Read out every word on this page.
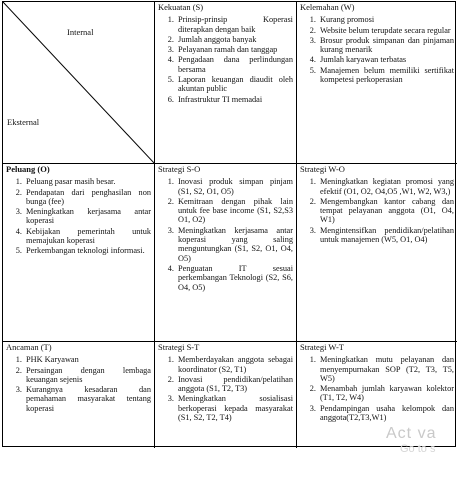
Internal
Eksternal
Kekuatan (S)
1. Prinsip-prinsip Koperasi diterapkan dengan baik
2. Jumlah anggota banyak
3. Pelayanan ramah dan tanggap
4. Pengadaan dana perlindungan bersama
5. Laporan keuangan diaudit oleh akuntan public
6. Infrastruktur TI memadai
Kelemahan (W)
1. Kurang promosi
2. Website belum terupdate secara regular
3. Brosur produk simpanan dan pinjaman kurang menarik
4. Jumlah karyawan terbatas
5. Manajemen belum memiliki sertifikat kompetesi perkoperasian
Peluang (O)
1. Peluang pasar masih besar.
2. Pendapatan dari penghasilan non bunga (fee)
3. Meningkatkan kerjasama antar koperasi
4. Kebijakan pemerintah untuk memajukan koperasi
5. Perkembangan teknologi informasi.
Strategi S-O
1. Inovasi produk simpan pinjam (S1, S2, O1, O5)
2. Kemitraan dengan pihak lain untuk fee base income (S1, S2,S3 O1, O2)
3. Meningkatkan kerjasama antar koperasi yang saling menguntungkan (S1, S2, O1, O4, O5)
4. Penguatan IT sesuai perkembangan Teknologi (S2, S6, O4, O5)
Strategi W-O
1. Meningkatkan kegiatan promosi yang efektif (O1, O2, O4,O5 ,W1, W2, W3,)
2. Mengembangkan kantor cabang dan tempat pelayanan anggota (O1, O4, W1)
3. Mengintensifkan pendidikan/pelatihan untuk manajemen (W5, O1, O4)
Ancaman (T)
1. PHK Karyawan
2. Persaingan dengan lembaga keuangan sejenis
3. Kurangnya kesadaran dan pemahaman masyarakat tentang koperasi
Strategi S-T
1. Memberdayakan anggota sebagai koordinator (S2, T1)
2. Inovasi pendidikan/pelatihan anggota (S1, T2, T3)
3. Meningkatkan sosialisasi berkoperasi kepada masyarakat (S1, S2, T2, T4)
Strategi W-T
1. Meningkatkan mutu pelayanan dan menyempurnakan SOP (T2, T3, T5, W5)
2. Menambah jumlah karyawan kolektor (T1, T2, W4)
3. Pendampingan usaha kelompok dan anggota(T2,T3,W1)
Act va
Go to s
